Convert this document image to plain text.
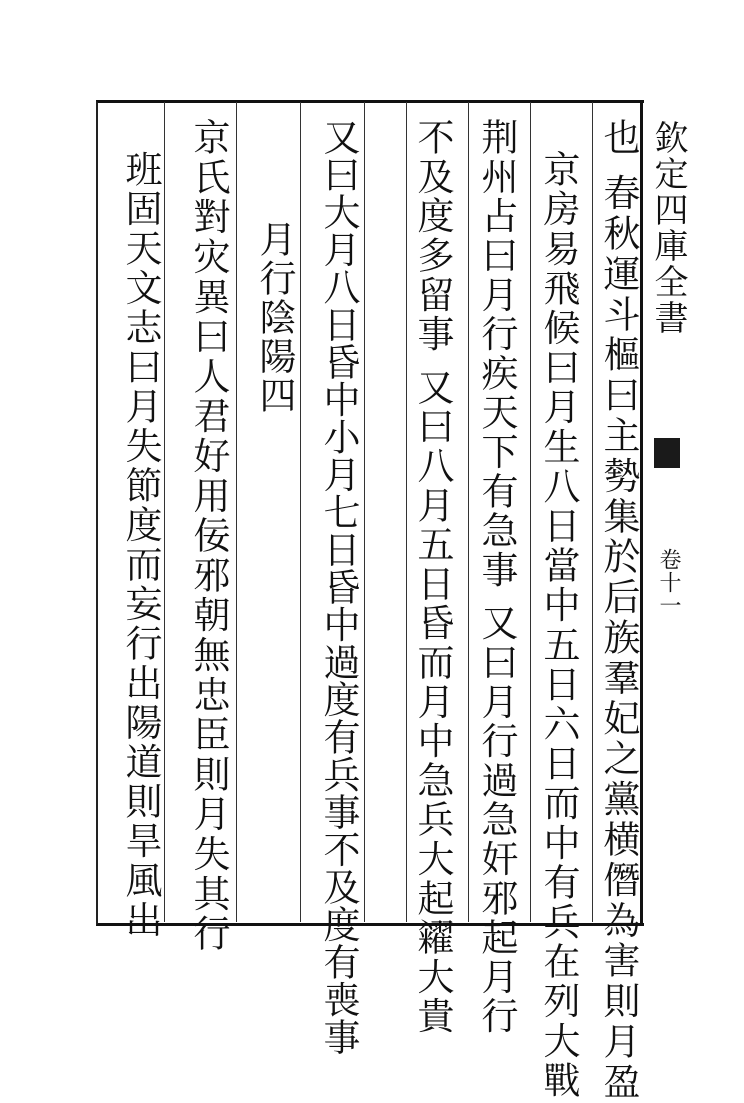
欽定四庫全書
卷十一
也 春秋運斗樞曰主勢集於后族羣妃之黨横僭為害則月盈
京房易飛候曰月生八日當中五日六日而中有兵在列大戰
荆州占曰月行疾天下有急事 又曰月行過急奸邪起月行
不及度多留事 又曰八月五日昏而月中急兵大起糴大貴
又曰大月八日昏中小月七日昏中過度有兵事不及度有喪事
月行陰陽四
京氏對灾異曰人君好用佞邪朝無忠臣則月失其行
班固天文志曰月失節度而妄行出陽道則旱風出
